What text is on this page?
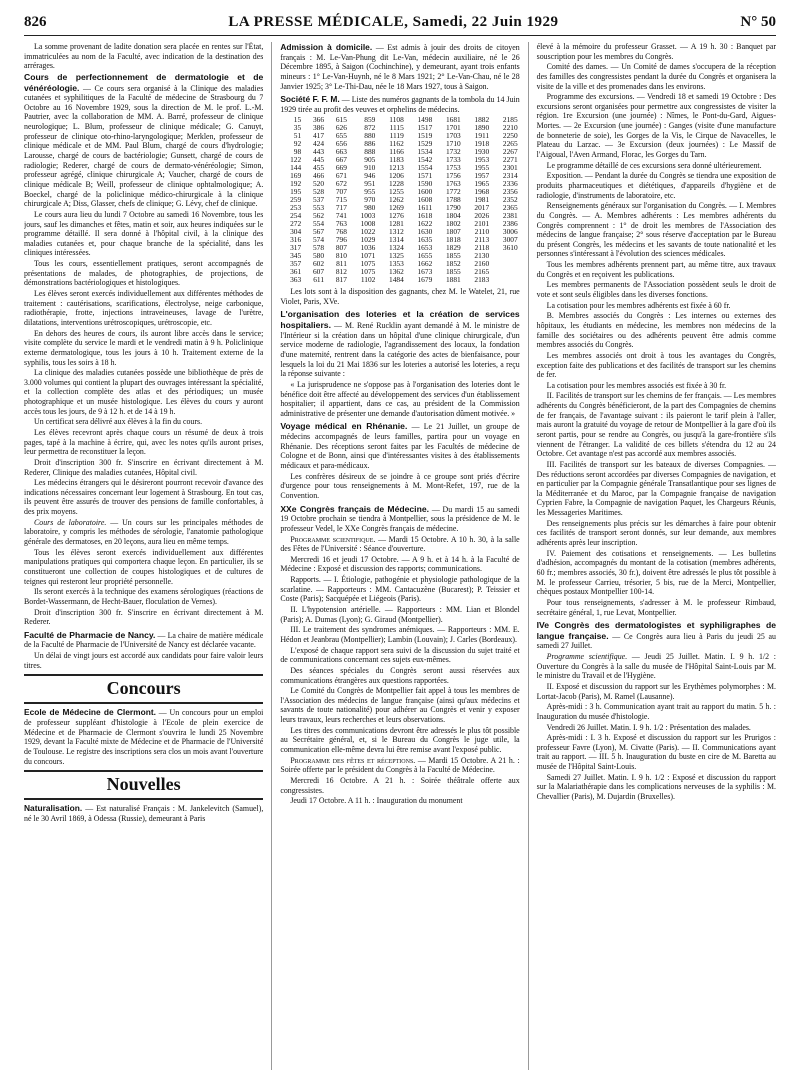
826	LA PRESSE MÉDICALE, Samedi, 22 Juin 1929	N° 50

La somme provenant de ladite donation sera placée en rentes sur l'État, immatriculées au nom de la Faculté, avec indication de la destination des arrérages.

Cours de perfectionnement de dermatologie et de vénéréologie. — Ce cours sera organisé à la Clinique des maladies cutanées et syphilitiques de la Faculté de médecine de Strasbourg du 7 Octobre au 16 Novembre 1929, sous la direction de M. le prof. L.-M. Pautrier, avec la collaboration de MM. A. Barré, professeur de clinique neurologique; L. Blum, professeur de clinique médicale; G. Canuyt, professeur de clinique oto-rhino-laryngologique; Merklen, professeur de clinique médicale et de MM. Paul Blum, chargé de cours d'hydrologie; Larousse, chargé de cours de bactériologie; Gunsett, chargé de cours de radiologie; Rederer, chargé de cours de dermato-vénéréologie; Simon, professeur agrégé, clinique chirurgicale A; Vaucher, chargé de cours de clinique médicale B; Weill, professeur de clinique ophtalmologique; A. Boeckel, chargé de la policlinique médico-chirurgicale à la clinique chirurgicale A; Diss, Glasser, chefs de clinique; G. Lévy, chef de clinique.

Le cours aura lieu du lundi 7 Octobre au samedi 16 Novembre, tous les jours, sauf les dimanches et fêtes, matin et soir, aux heures indiquées sur le programme détaillé. Il sera donné à l'hôpital civil, à la clinique des maladies cutanées et, pour chaque branche de la spécialité, dans les cliniques intéressées.

Tous les cours, essentiellement pratiques, seront accompagnés de présentations de malades, de photographies, de projections, de démonstrations bactériologiques et histologiques.

Les élèves seront exercés individuellement aux différentes méthodes de traitement : cautérisations, scarifications, électrolyse, neige carbonique, radiothérapie, frotte, injections intraveineuses, lavage de l'urètre, dilatations, interventions urétroscopiques, urétroscopie, etc.

En dehors des heures de cours, ils auront libre accès dans le service; visite complète du service le mardi et le vendredi matin à 9 h. Policlinique externe dermatologique, tous les jours à 10 h. Traitement externe de la syphilis, tous les soirs à 18 h.

La clinique des maladies cutanées possède une bibliothèque de près de 3.000 volumes qui contient la plupart des ouvrages intéressant la spécialité, et la collection complète des atlas et des périodiques; un musée photographique et un musée histologique. Les élèves du cours y auront accès tous les jours, de 9 à 12 h. et de 14 à 19 h.

Un certificat sera délivré aux élèves à la fin du cours.

Les élèves recevront après chaque cours un résumé de deux à trois pages, tapé à la machine à écrire, qui, avec les notes qu'ils auront prises, leur permettra de reconstituer la leçon.

Droit d'inscription 300 fr. S'inscrire en écrivant directement à M. Rederer, Clinique des maladies cutanées, Hôpital civil.

Les médecins étrangers qui le désireront pourront recevoir d'avance des indications nécessaires concernant leur logement à Strasbourg. En tout cas, ils peuvent être assurés de trouver des pensions de famille confortables, à des prix moyens.

Cours de laboratoire. — Un cours sur les principales méthodes de laboratoire, y compris les méthodes de sérologie, l'anatomie pathologique générale des dermatoses, en 20 leçons, aura lieu en même temps.

Tous les élèves seront exercés individuellement aux différentes manipulations pratiques qui comportera chaque leçon. En particulier, ils se constitueront une collection de coupes histologiques et de cultures de teignes qui resteront leur propriété personnelle.

Ils seront exercés à la technique des examens sérologiques (réactions de Bordet-Wassermann, de Hecht-Bauer, floculation de Vernes).

Droit d'inscription 300 fr. S'inscrire en écrivant directement à M. Rederer.

Faculté de Pharmacie de Nancy. — La chaire de matière médicale de la Faculté de Pharmacie de l'Université de Nancy est déclarée vacante.

Un délai de vingt jours est accordé aux candidats pour faire valoir leurs titres.

Concours

Ecole de Médecine de Clermont. — Un concours pour un emploi de professeur suppléant d'histologie à l'Ecole de plein exercice de Médecine et de Pharmacie de Clermont s'ouvrira le lundi 25 Novembre 1929, devant la Faculté mixte de Médecine et de Pharmacie de l'Université de Toulouse. Le registre des inscriptions sera clos un mois avant l'ouverture du concours.

Nouvelles

Naturalisation. — Est naturalisé Français : M. Jankelevitch (Samuel), né le 30 Avril 1869, à Odessa (Russie), demeurant à Paris

Admission à domicile. — Est admis à jouir des droits de citoyen français : M. Le-Van-Phung dit Le-Van, médecin auxiliaire, né le 26 Décembre 1895, à Saigon (Cochinchine), y demeurant, ayant trois enfants mineurs : 1° Le-Van-Huynh, né le 8 Mars 1921; 2° Le-Van-Chau, né le 28 Janvier 1925; 3° Le-Thi-Dau, née le 18 Mars 1927, tous à Saigon.

Société F. F. M. — Liste des numéros gagnants de la tombola du 14 Juin 1929 tirée au profit des veuves et orphelins de médecins.

15	366	615	859	1108	1498	1681	1882	2185
35	386	626	872	1115	1517	1701	1890	2210
51	417	655	880	1119	1519	1703	1911	2250
92	424	656	886	1162	1529	1710	1918	2265
98	443	663	888	1166	1534	1732	1930	2267
122	445	667	905	1183	1542	1733	1953	2271
144	455	669	910	1213	1554	1753	1955	2301
169	466	671	946	1206	1571	1756	1957	2314
192	520	672	951	1228	1590	1763	1965	2336
195	528	707	955	1255	1600	1772	1968	2356
259	537	715	970	1262	1608	1788	1981	2352
253	553	717	980	1269	1611	1790	2017	2365
254	562	741	1003	1276	1618	1804	2026	2381
272	554	763	1008	1281	1622	1802	2101	2386
304	567	768	1022	1312	1630	1807	2110	3006
316	574	796	1029	1314	1635	1818	2113	3007
317	578	807	1036	1324	1653	1829	2118	3610
345	580	810	1071	1325	1655	1855	2130	
357	602	811	1075	1353	1662	1852	2160	
361	607	812	1075	1362	1673	1855	2165	
363	611	817	1102	1484	1679	1881	2183	

Les lots sont à la disposition des gagnants, chez M. le Watelet, 21, rue Violet, Paris, XVe.

L'organisation des loteries et la création de services hospitaliers. — M. René Rucklin ayant demandé à M. le ministre de l'Intérieur si la création dans un hôpital d'une clinique chirurgicale, d'un service moderne de radiologie, l'agrandissement des locaux, la fondation d'une maternité, rentrent dans la catégorie des actes de bienfaisance, pour lesquels la loi du 21 Mai 1836 sur les loteries a autorisé les loteries, a reçu la réponse suivante :

« La jurisprudence ne s'oppose pas à l'organisation des loteries dont le bénéfice doit être affecté au développement des services d'un établissement hospitalier; il appartient, dans ce cas, au président de la Commission administrative de présenter une demande d'autorisation dûment motivée. »

Voyage médical en Rhénanie. — Le 21 Juillet, un groupe de médecins accompagnés de leurs familles, partira pour un voyage en Rhénanie. Des réceptions seront faites par les Facultés de médecine de Cologne et de Bonn, ainsi que d'intéressantes visites à des établissements médicaux et para-médicaux.

Les confrères désireux de se joindre à ce groupe sont priés d'écrire d'urgence pour tous renseignements à M. Mont-Refet, 197, rue de la Convention.

XXe Congrès français de Médecine. — Du mardi 15 au samedi 19 Octobre prochain se tiendra à Montpellier, sous la présidence de M. le professeur Vedel, le XXe Congrès français de médecine.

Programme scientifique. — Mardi 15 Octobre. A 10 h. 30, à la salle des Fêtes de l'Université : Séance d'ouverture.

Mercredi 16 et jeudi 17 Octobre. — A 9 h. et à 14 h. à la Faculté de Médecine : Exposé et discussion des rapports; communications.

Rapports. — I. Étiologie, pathogénie et physiologie pathologique de la scarlatine. — Rapporteurs : MM. Cantacuzène (Bucarest); P. Teissier et Coste (Paris); Sacquépée et Liégeois (Paris).

II. L'hypotension artérielle. — Rapporteurs : MM. Lian et Blondel (Paris); A. Dumas (Lyon); G. Giraud (Montpellier).

III. Le traitement des syndromes anémiques. — Rapporteurs : MM. E. Hédon et Jeanbrau (Montpellier); Lambin (Louvain); J. Carles (Bordeaux).

L'exposé de chaque rapport sera suivi de la discussion du sujet traité et de communications concernant ces sujets eux-mêmes.

Des séances spéciales du Congrès seront aussi réservées aux communications étrangères aux questions rapportées.

Le Comité du Congrès de Montpellier fait appel à tous les membres de l'Association des médecins de langue française (ainsi qu'aux médecins et savants de toute nationalité) pour adhérer au Congrès et venir y exposer leurs travaux, leurs recherches et leurs observations.

Les titres des communications devront être adressés le plus tôt possible au Secrétaire général, et, si le Bureau du Congrès le juge utile, la communication elle-même devra lui être remise avant l'exposé public.

Programme des fêtes et réceptions. — Mardi 15 Octobre. A 21 h. : Soirée offerte par le président du Congrès à la Faculté de Médecine.

Mercredi 16 Octobre. A 21 h. : Soirée théâtrale offerte aux congressistes.

Jeudi 17 Octobre. A 11 h. : Inauguration du monument

élevé à la mémoire du professeur Grasset. — A 19 h. 30 : Banquet par souscription pour les membres du Congrès.

Comité des dames. — Un Comité de dames s'occupera de la réception des familles des congressistes pendant la durée du Congrès et organisera la visite de la ville et des promenades dans les environs.

Programme des excursions. — Vendredi 18 et samedi 19 Octobre : Des excursions seront organisées pour permettre aux congressistes de visiter la région. 1re Excursion (une journée) : Nîmes, le Pont-du-Gard, Aigues-Mortes. — 2e Excursion (une journée) : Ganges (visite d'une manufacture de bonneterie de soie), les Gorges de la Vis, le Cirque de Navacelles, le Plateau du Larzac. — 3e Excursion (deux journées) : Le Massif de l'Aigoual, l'Aven Armand, Florac, les Gorges du Tarn.

Le programme détaillé de ces excursions sera donné ultérieurement.

Exposition. — Pendant la durée du Congrès se tiendra une exposition de produits pharmaceutiques et diététiques, d'appareils d'hygiène et de radiologie, d'instruments de laboratoire, etc.

Renseignements généraux sur l'organisation du Congrès. — I. Membres du Congrès. — A. Membres adhérents : Les membres adhérents du Congrès comprennent : 1° de droit les membres de l'Association des médecins de langue française; 2° sous réserve d'acceptation par le Bureau du présent Congrès, les médecins et les savants de toute nationalité et les personnes s'intéressant à l'évolution des sciences médicales.

Tous les membres adhérents prennent part, au même titre, aux travaux du Congrès et en reçoivent les publications.

Les membres permanents de l'Association possèdent seuls le droit de vote et sont seuls éligibles dans les diverses fonctions.

La cotisation pour les membres adhérents est fixée à 60 fr.

B. Membres associés du Congrès : Les internes ou externes des hôpitaux, les étudiants en médecine, les membres non médecins de la famille des sociétaires ou des adhérents peuvent être admis comme membres associés du Congrès.

Les membres associés ont droit à tous les avantages du Congrès, exception faite des publications et des facilités de transport sur les chemins de fer.

La cotisation pour les membres associés est fixée à 30 fr.

II. Facilités de transport sur les chemins de fer français. — Les membres adhérents du Congrès bénéficieront, de la part des Compagnies de chemins de fer français, de l'avantage suivant : ils paieront le tarif plein à l'aller, mais auront la gratuité du voyage de retour de Montpellier à la gare d'où ils seront partis, pour se rendre au Congrès, ou jusqu'à la gare-frontière s'ils viennent de l'étranger. La validité de ces billets s'étendra du 12 au 24 Octobre. Cet avantage n'est pas accordé aux membres associés.

III. Facilités de transport sur les bateaux de diverses Compagnies. — Des réductions seront accordées par diverses Compagnies de navigation, et en particulier par la Compagnie générale Transatlantique pour ses lignes de la Méditerranée et du Maroc, par la Compagnie française de navigation Cyprien Fabre, la Compagnie de navigation Paquet, les Chargeurs Réunis, les Messageries Maritimes.

Des renseignements plus précis sur les démarches à faire pour obtenir ces facilités de transport seront donnés, sur leur demande, aux membres adhérents après leur inscription.

IV. Paiement des cotisations et renseignements. — Les bulletins d'adhésion, accompagnés du montant de la cotisation (membres adhérents, 60 fr.; membres associés, 30 fr.), doivent être adressés le plus tôt possible à M. le professeur Carrieu, trésorier, 5 bis, rue de la Merci, Montpellier, chèques postaux Montpellier 100-14.

Pour tous renseignements, s'adresser à M. le professeur Rimbaud, secrétaire général, 1, rue Levat, Montpellier.

IVe Congrès des dermatologistes et syphiligraphes de langue française. — Ce Congrès aura lieu à Paris du jeudi 25 au samedi 27 Juillet.

Programme scientifique. — Jeudi 25 Juillet. Matin. I. 9 h. 1/2 : Ouverture du Congrès à la salle du musée de l'Hôpital Saint-Louis par M. le ministre du Travail et de l'Hygiène.

II. Exposé et discussion du rapport sur les Erythèmes polymorphes : M. Lortat-Jacob (Paris), M. Ramel (Lausanne).

Après-midi : 3 h. Communication ayant trait au rapport du matin. 5 h. : Inauguration du musée d'histologie.

Vendredi 26 Juillet. Matin. I. 9 h. 1/2 : Présentation des malades.

Après-midi : I. 3 h. Exposé et discussion du rapport sur les Prurigos : professeur Favre (Lyon), M. Civatte (Paris). — II. Communications ayant trait au rapport. — III. 5 h. Inauguration du buste en cire de M. Baretta au musée de l'Hôpital Saint-Louis.

Samedi 27 Juillet. Matin. I. 9 h. 1/2 : Exposé et discussion du rapport sur la Malariathérapie dans les complications nerveuses de la syphilis : M. Chevallier (Paris), M. Dujardin (Bruxelles).
